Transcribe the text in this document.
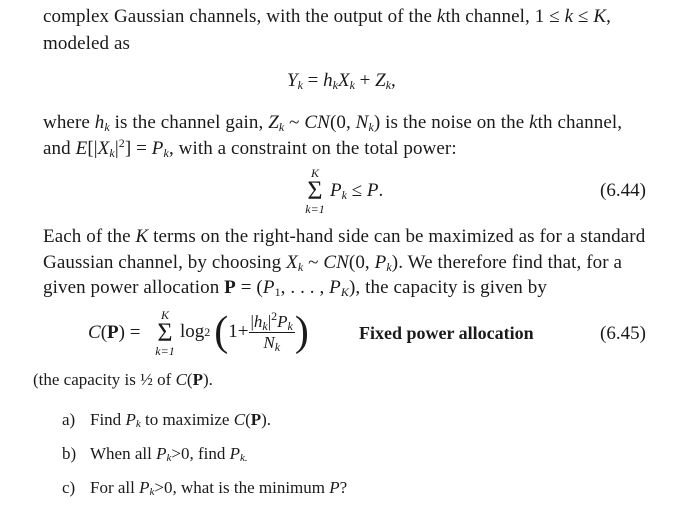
complex Gaussian channels, with the output of the kth channel, 1 ≤ k ≤ K,
modeled as
$Y_k = h_kX_k + Z_k$,
where $h_k$ is the channel gain, $Z_k$ ~ CN(0, $N_k$) is the noise on the kth channel,
and $E[|X_k|^2] = P_k$, with a constraint on the total power:
K
Σ
k=1
$P_k \le P$.	(6.44)
Each of the K terms on the right-hand side can be maximized as for a standard
Gaussian channel, by choosing $X_k$ ~ CN(0, $P_k$). We therefore find that, for a
given power allocation $P = (P_1$, . . . , $P_K$), the capacity is given by
C(P) =
K
Σ
k=1
log 2 ( $1+ \frac{|h_k|^2P_k}{N_k}$ )	Fixed power allocation	(6.45)
(the capacity is ½ of C(P).
a) Find Pk to maximize C(P).
b) When all Pk>0, find Pk.
c) For all Pk>0, what is the minimum P?
